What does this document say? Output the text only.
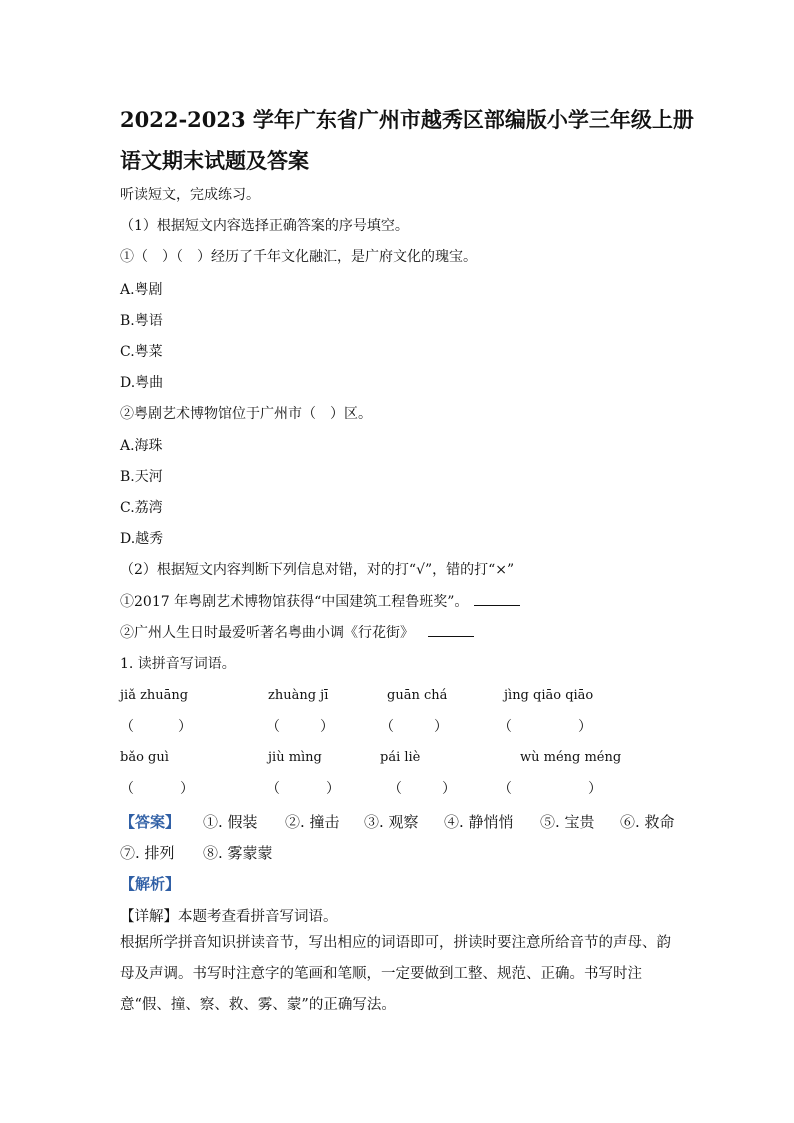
2022-2023 学年广东省广州市越秀区部编版小学三年级上册
语文期末试题及答案
听读短文，完成练习。
（1）根据短文内容选择正确答案的序号填空。
①（　）（　）经历了千年文化融汇，是广府文化的瑰宝。
A.粤剧
B.粤语
C.粤菜
D.粤曲
②粤剧艺术博物馆位于广州市（　）区。
A.海珠
B.天河
C.荔湾
D.越秀
（2）根据短文内容判断下列信息对错，对的打“√”，错的打“×”
①2017 年粤剧艺术博物馆获得“中国建筑工程鲁班奖”。
②广州人生日时最爱听著名粤曲小调《行花街》
1. 读拼音写词语。
jiǎ zhuāng	zhuàng jī	guān chá	jìng qiāo qiāo
（	）	（	）	（	）	（	）
bǎo guì	jiù mìng	pái liè	wù méng méng
（	）	（	）	（	）	（	）
【答案】 ①. 假装 ②. 撞击 ③. 观察 ④. 静悄悄 ⑤. 宝贵 ⑥. 救命
⑦. 排列 ⑧. 雾蒙蒙
【解析】
【详解】本题考查看拼音写词语。
根据所学拼音知识拼读音节，写出相应的词语即可，拼读时要注意所给音节的声母、韵母及声调。书写时注意字的笔画和笔顺，一定要做到工整、规范、正确。书写时注意“假、撞、察、救、雾、蒙”的正确写法。
